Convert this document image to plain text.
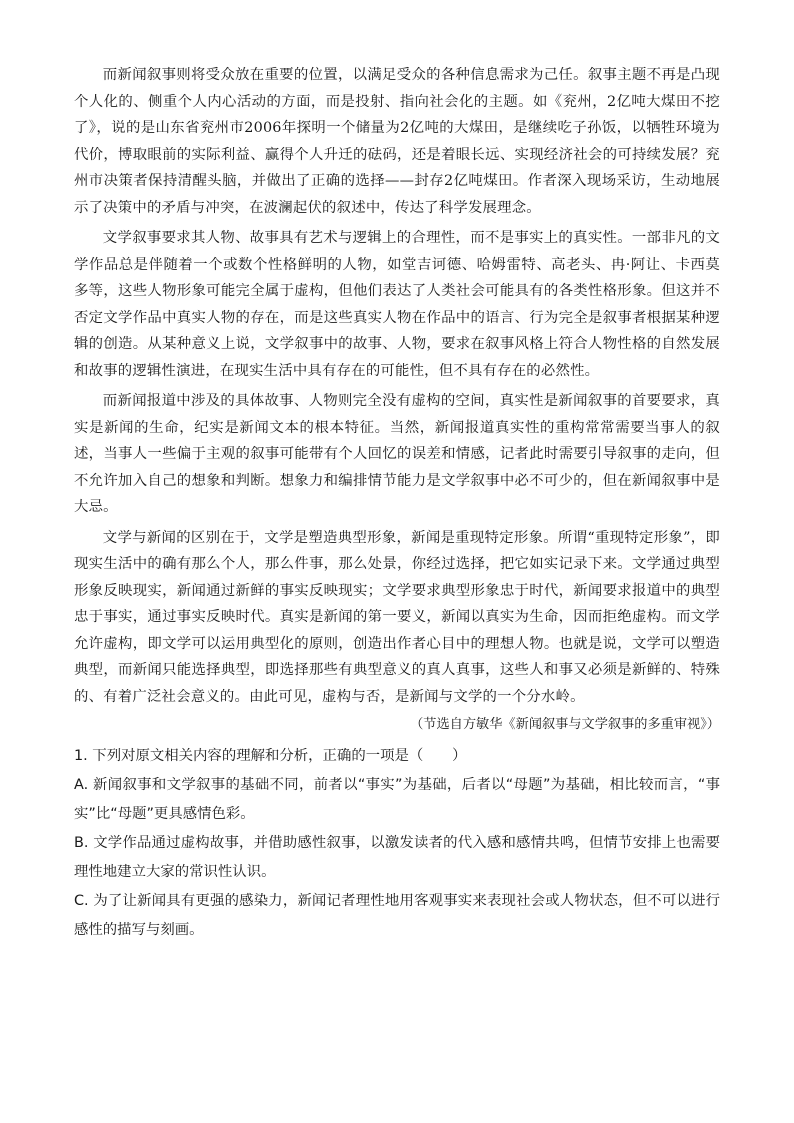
而新闻叙事则将受众放在重要的位置，以满足受众的各种信息需求为己任。叙事主题不再是凸现个人化的、侧重个人内心活动的方面，而是投射、指向社会化的主题。如《兖州，2亿吨大煤田不挖了》，说的是山东省兖州市2006年探明一个储量为2亿吨的大煤田，是继续吃子孙饭，以牺牲环境为代价，博取眼前的实际利益、赢得个人升迁的砝码，还是着眼长远、实现经济社会的可持续发展？兖州市决策者保持清醒头脑，并做出了正确的选择——封存2亿吨煤田。作者深入现场采访，生动地展示了决策中的矛盾与冲突，在波澜起伏的叙述中，传达了科学发展理念。

文学叙事要求其人物、故事具有艺术与逻辑上的合理性，而不是事实上的真实性。一部非凡的文学作品总是伴随着一个或数个性格鲜明的人物，如堂吉诃德、哈姆雷特、高老头、冉·阿让、卡西莫多等，这些人物形象可能完全属于虚构，但他们表达了人类社会可能具有的各类性格形象。但这并不否定文学作品中真实人物的存在，而是这些真实人物在作品中的语言、行为完全是叙事者根据某种逻辑的创造。从某种意义上说，文学叙事中的故事、人物，要求在叙事风格上符合人物性格的自然发展和故事的逻辑性演进，在现实生活中具有存在的可能性，但不具有存在的必然性。

而新闻报道中涉及的具体故事、人物则完全没有虚构的空间，真实性是新闻叙事的首要要求，真实是新闻的生命，纪实是新闻文本的根本特征。当然，新闻报道真实性的重构常常需要当事人的叙述，当事人一些偏于主观的叙事可能带有个人回忆的误差和情感，记者此时需要引导叙事的走向，但不允许加入自己的想象和判断。想象力和编排情节能力是文学叙事中必不可少的，但在新闻叙事中是大忌。

文学与新闻的区别在于，文学是塑造典型形象，新闻是重现特定形象。所谓“重现特定形象”，即现实生活中的确有那么个人，那么件事，那么处景，你经过选择，把它如实记录下来。文学通过典型形象反映现实，新闻通过新鲜的事实反映现实；文学要求典型形象忠于时代，新闻要求报道中的典型忠于事实，通过事实反映时代。真实是新闻的第一要义，新闻以真实为生命，因而拒绝虚构。而文学允许虚构，即文学可以运用典型化的原则，创造出作者心目中的理想人物。也就是说，文学可以塑造典型，而新闻只能选择典型，即选择那些有典型意义的真人真事，这些人和事又必须是新鲜的、特殊的、有着广泛社会意义的。由此可见，虚构与否，是新闻与文学的一个分水岭。

（节选自方敏华《新闻叙事与文学叙事的多重审视》）

1. 下列对原文相关内容的理解和分析，正确的一项是（　　）

A. 新闻叙事和文学叙事的基础不同，前者以“事实”为基础，后者以“母题”为基础，相比较而言，“事实”比“母题”更具感情色彩。

B. 文学作品通过虚构故事，并借助感性叙事，以激发读者的代入感和感情共鸣，但情节安排上也需要理性地建立大家的常识性认识。

C. 为了让新闻具有更强的感染力，新闻记者理性地用客观事实来表现社会或人物状态，但不可以进行感性的描写与刻画。
